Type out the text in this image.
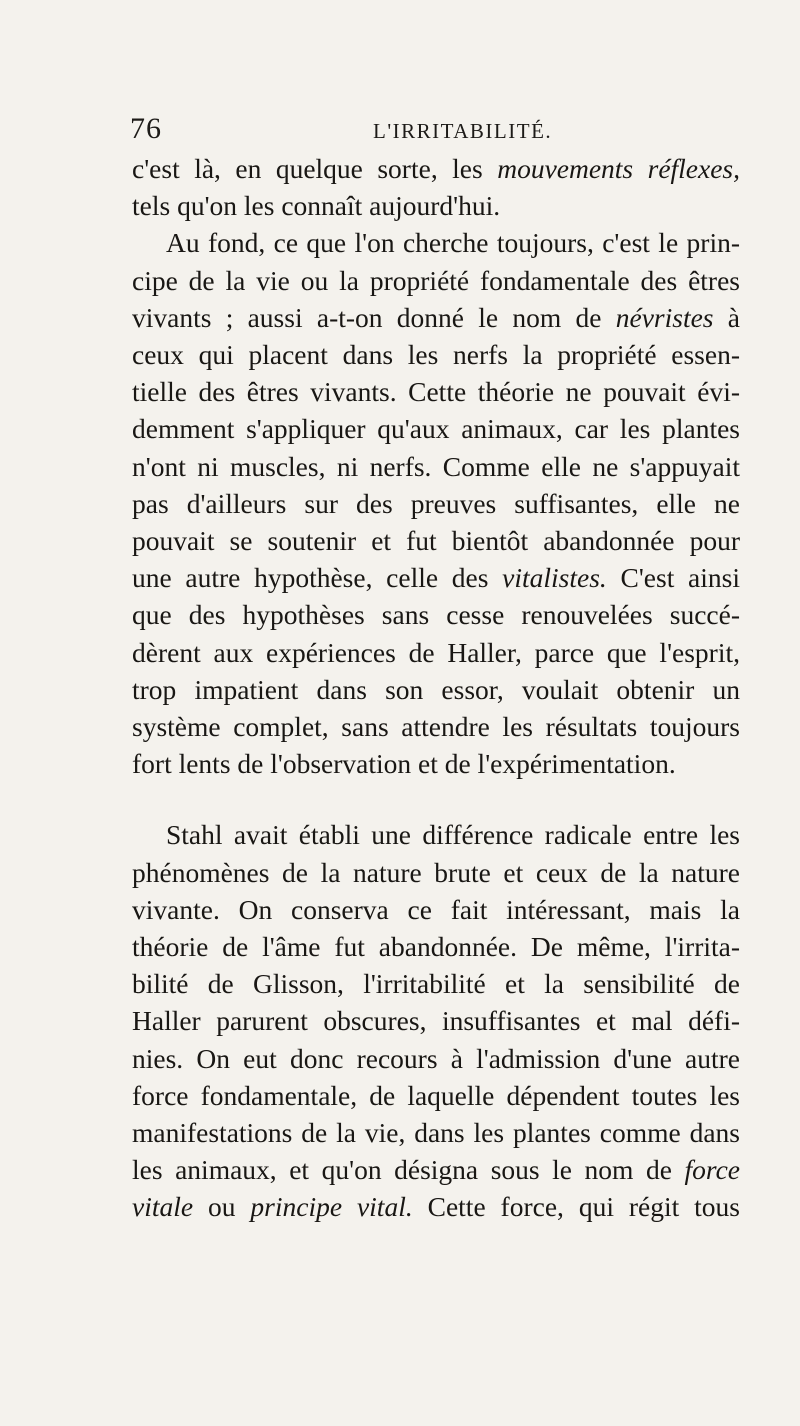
76	L'IRRITABILITÉ.
c'est là, en quelque sorte, les mouvements réflexes,
tels qu'on les connaît aujourd'hui.
Au fond, ce que l'on cherche toujours, c'est le prin-
cipe de la vie ou la propriété fondamentale des êtres
vivants ; aussi a-t-on donné le nom de névristes à
ceux qui placent dans les nerfs la propriété essen-
tielle des êtres vivants. Cette théorie ne pouvait évi-
demment s'appliquer qu'aux animaux, car les plantes
n'ont ni muscles, ni nerfs. Comme elle ne s'appuyait
pas d'ailleurs sur des preuves suffisantes, elle ne
pouvait se soutenir et fut bientôt abandonnée pour
une autre hypothèse, celle des vitalistes. C'est ainsi
que des hypothèses sans cesse renouvelées succé-
dèrent aux expériences de Haller, parce que l'esprit,
trop impatient dans son essor, voulait obtenir un
système complet, sans attendre les résultats toujours
fort lents de l'observation et de l'expérimentation.
Stahl avait établi une différence radicale entre les
phénomènes de la nature brute et ceux de la nature
vivante. On conserva ce fait intéressant, mais la
théorie de l'âme fut abandonnée. De même, l'irrita-
bilité de Glisson, l'irritabilité et la sensibilité de
Haller parurent obscures, insuffisantes et mal défi-
nies. On eut donc recours à l'admission d'une autre
force fondamentale, de laquelle dépendent toutes les
manifestations de la vie, dans les plantes comme dans
les animaux, et qu'on désigna sous le nom de force
vitale ou principe vital. Cette force, qui régit tous
